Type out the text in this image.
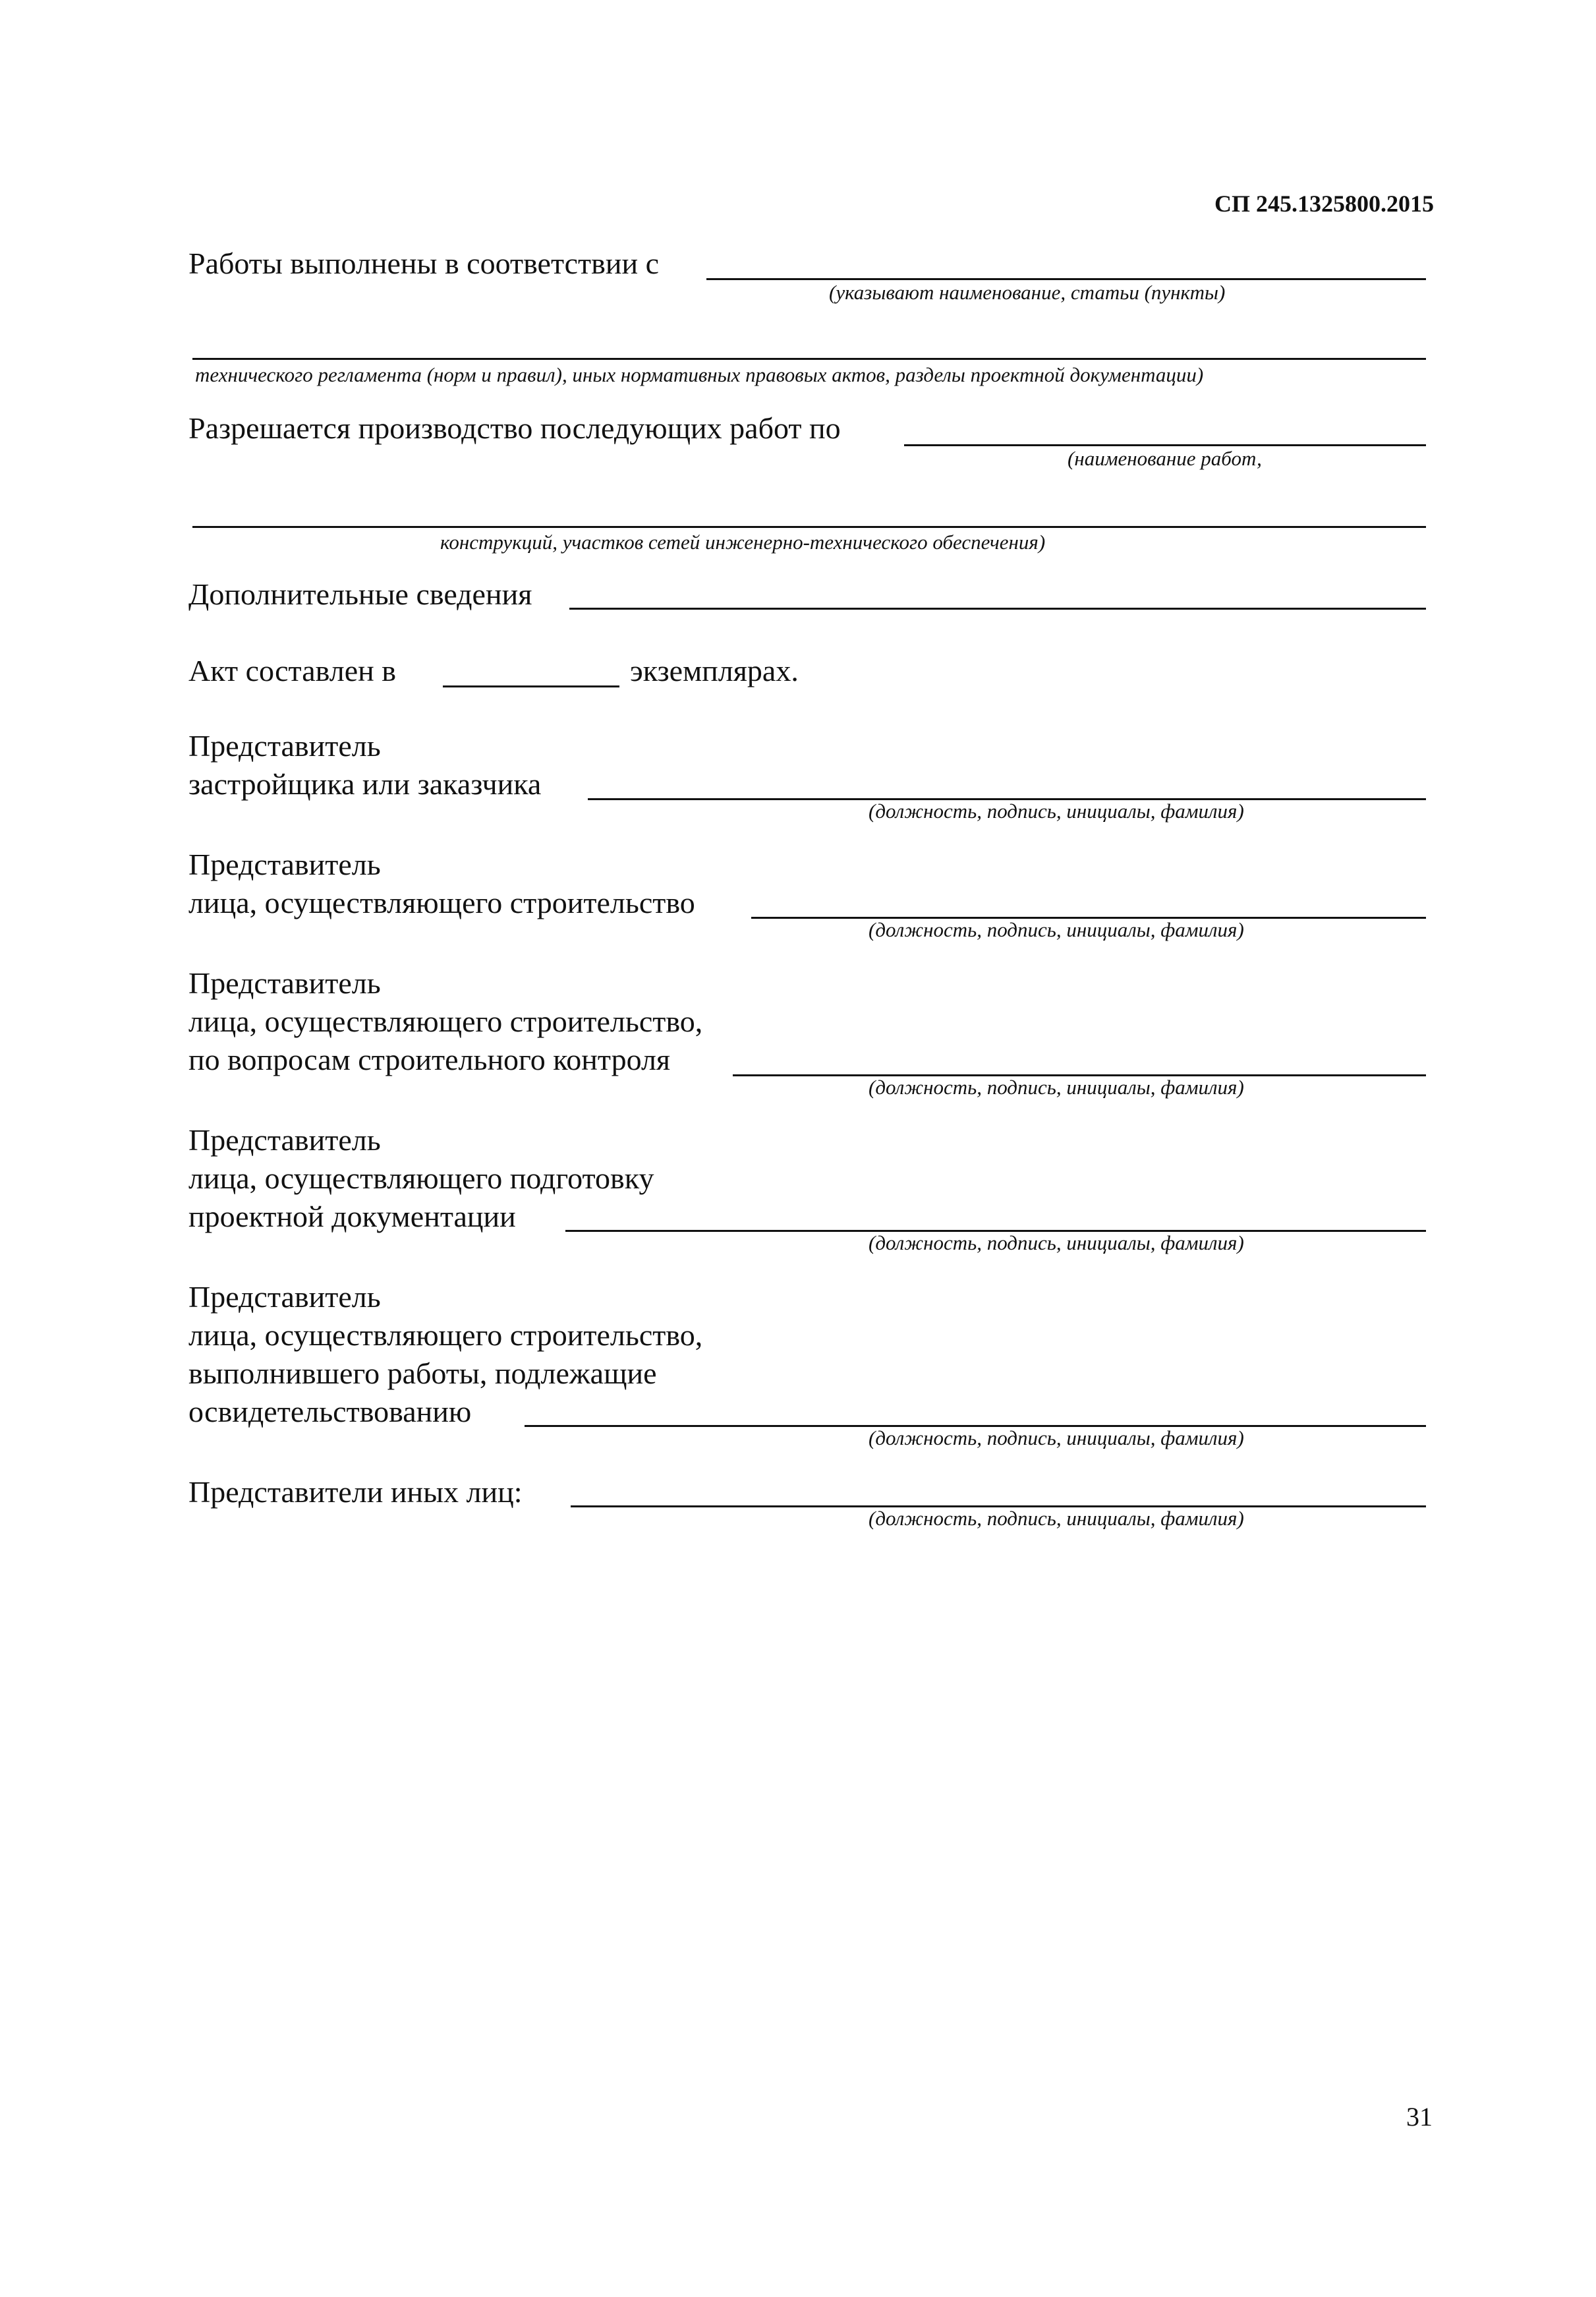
СП 245.1325800.2015
Работы выполнены в соответствии с
(указывают наименование, статьи (пункты)
технического регламента (норм и правил), иных нормативных правовых актов, разделы проектной документации)
Разрешается производство последующих работ по
(наименование работ,
конструкций, участков сетей инженерно-технического обеспечения)
Дополнительные сведения
Акт составлен в	экземплярах.
Представитель
застройщика или заказчика
(должность, подпись, инициалы, фамилия)
Представитель
лица, осуществляющего строительство
(должность, подпись, инициалы, фамилия)
Представитель
лица, осуществляющего строительство,
по вопросам строительного контроля
(должность, подпись, инициалы, фамилия)
Представитель
лица, осуществляющего подготовку
проектной документации
(должность, подпись, инициалы, фамилия)
Представитель
лица, осуществляющего строительство,
выполнившего работы, подлежащие
освидетельствованию
(должность, подпись, инициалы, фамилия)
Представители иных лиц:
(должность, подпись, инициалы, фамилия)
31
